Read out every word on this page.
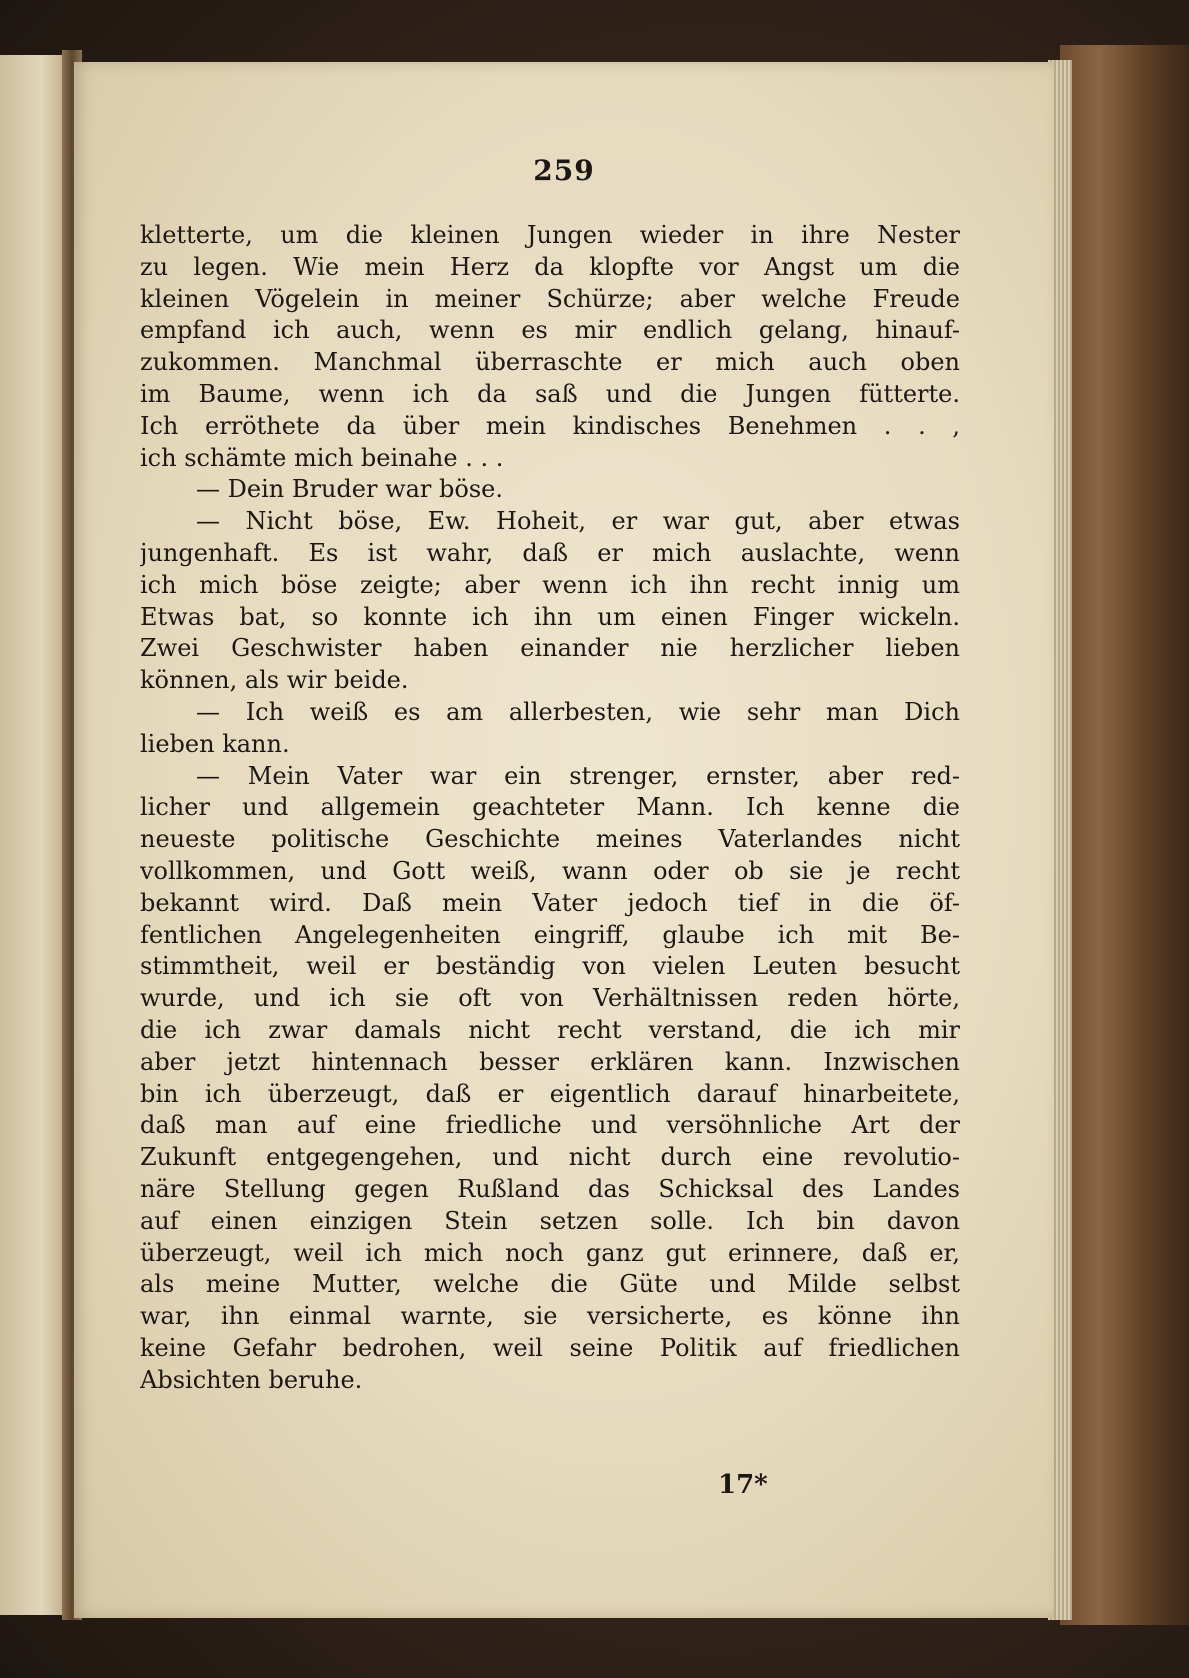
259
kletterte, um die kleinen Jungen wieder in ihre Nester
zu legen. Wie mein Herz da klopfte vor Angst um die
kleinen Vögelein in meiner Schürze; aber welche Freude
empfand ich auch, wenn es mir endlich gelang, hinauf-
zukommen. Manchmal überraschte er mich auch oben
im Baume, wenn ich da saß und die Jungen fütterte.
Ich erröthete da über mein kindisches Benehmen . . ,
ich schämte mich beinahe . . .
— Dein Bruder war böse.
— Nicht böse, Ew. Hoheit, er war gut, aber etwas
jungenhaft. Es ist wahr, daß er mich auslachte, wenn
ich mich böse zeigte; aber wenn ich ihn recht innig um
Etwas bat, so konnte ich ihn um einen Finger wickeln.
Zwei Geschwister haben einander nie herzlicher lieben
können, als wir beide.
— Ich weiß es am allerbesten, wie sehr man Dich
lieben kann.
— Mein Vater war ein strenger, ernster, aber red-
licher und allgemein geachteter Mann. Ich kenne die
neueste politische Geschichte meines Vaterlandes nicht
vollkommen, und Gott weiß, wann oder ob sie je recht
bekannt wird. Daß mein Vater jedoch tief in die öf-
fentlichen Angelegenheiten eingriff, glaube ich mit Be-
stimmtheit, weil er beständig von vielen Leuten besucht
wurde, und ich sie oft von Verhältnissen reden hörte,
die ich zwar damals nicht recht verstand, die ich mir
aber jetzt hintennach besser erklären kann. Inzwischen
bin ich überzeugt, daß er eigentlich darauf hinarbeitete,
daß man auf eine friedliche und versöhnliche Art der
Zukunft entgegengehen, und nicht durch eine revolutio-
näre Stellung gegen Rußland das Schicksal des Landes
auf einen einzigen Stein setzen solle. Ich bin davon
überzeugt, weil ich mich noch ganz gut erinnere, daß er,
als meine Mutter, welche die Güte und Milde selbst
war, ihn einmal warnte, sie versicherte, es könne ihn
keine Gefahr bedrohen, weil seine Politik auf friedlichen
Absichten beruhe.
17*
